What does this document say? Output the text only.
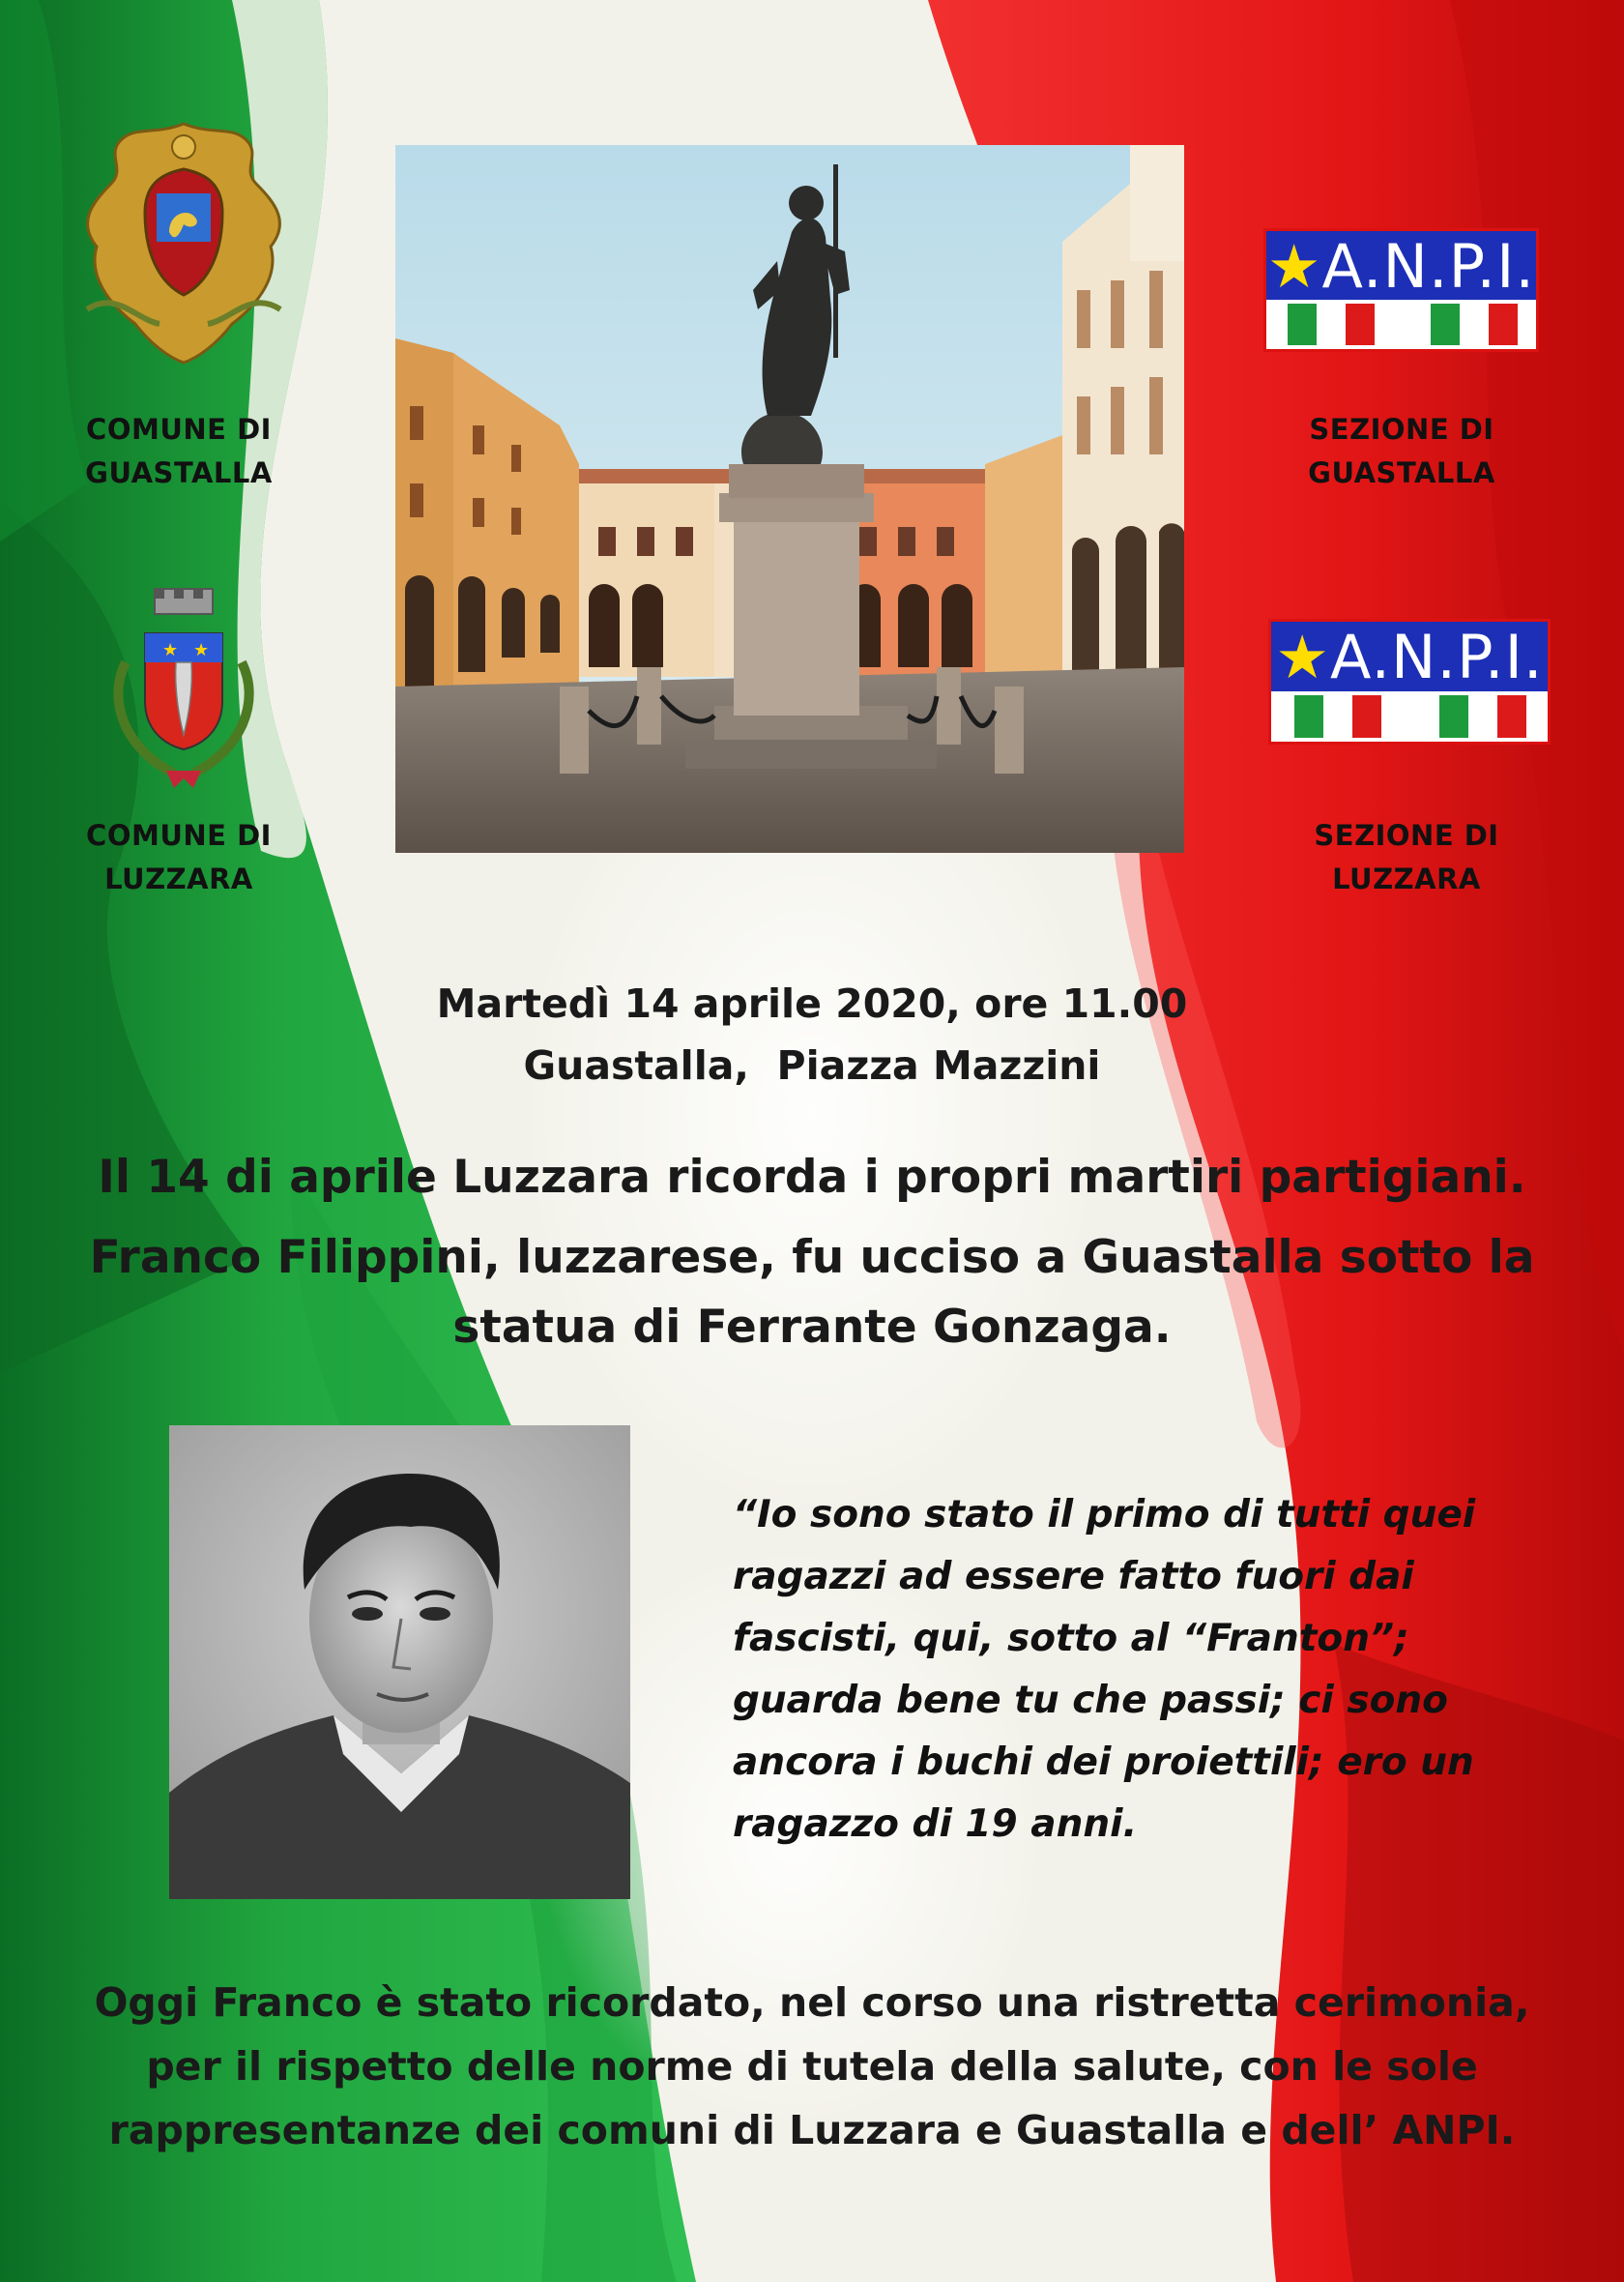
COMUNE DI
GUASTALLA
★ ★
COMUNE DI
LUZZARA
★A.N.P.I.
SEZIONE DI
GUASTALLA
★A.N.P.I.
SEZIONE DI
LUZZARA
Martedì 14 aprile 2020, ore 11.00
Guastalla,  Piazza Mazzini
Il 14 di aprile Luzzara ricorda i propri martiri partigiani.
Franco Filippini, luzzarese, fu ucciso a Guastalla sotto la
statua di Ferrante Gonzaga.
“Io sono stato il primo di tutti quei
ragazzi ad essere fatto fuori dai
fascisti, qui, sotto al “Franton”;
guarda bene tu che passi; ci sono
ancora i buchi dei proiettili; ero un
ragazzo di 19 anni.
Oggi Franco è stato ricordato, nel corso una ristretta cerimonia,
per il rispetto delle norme di tutela della salute, con le sole
rappresentanze dei comuni di Luzzara e Guastalla e dell’ ANPI.
